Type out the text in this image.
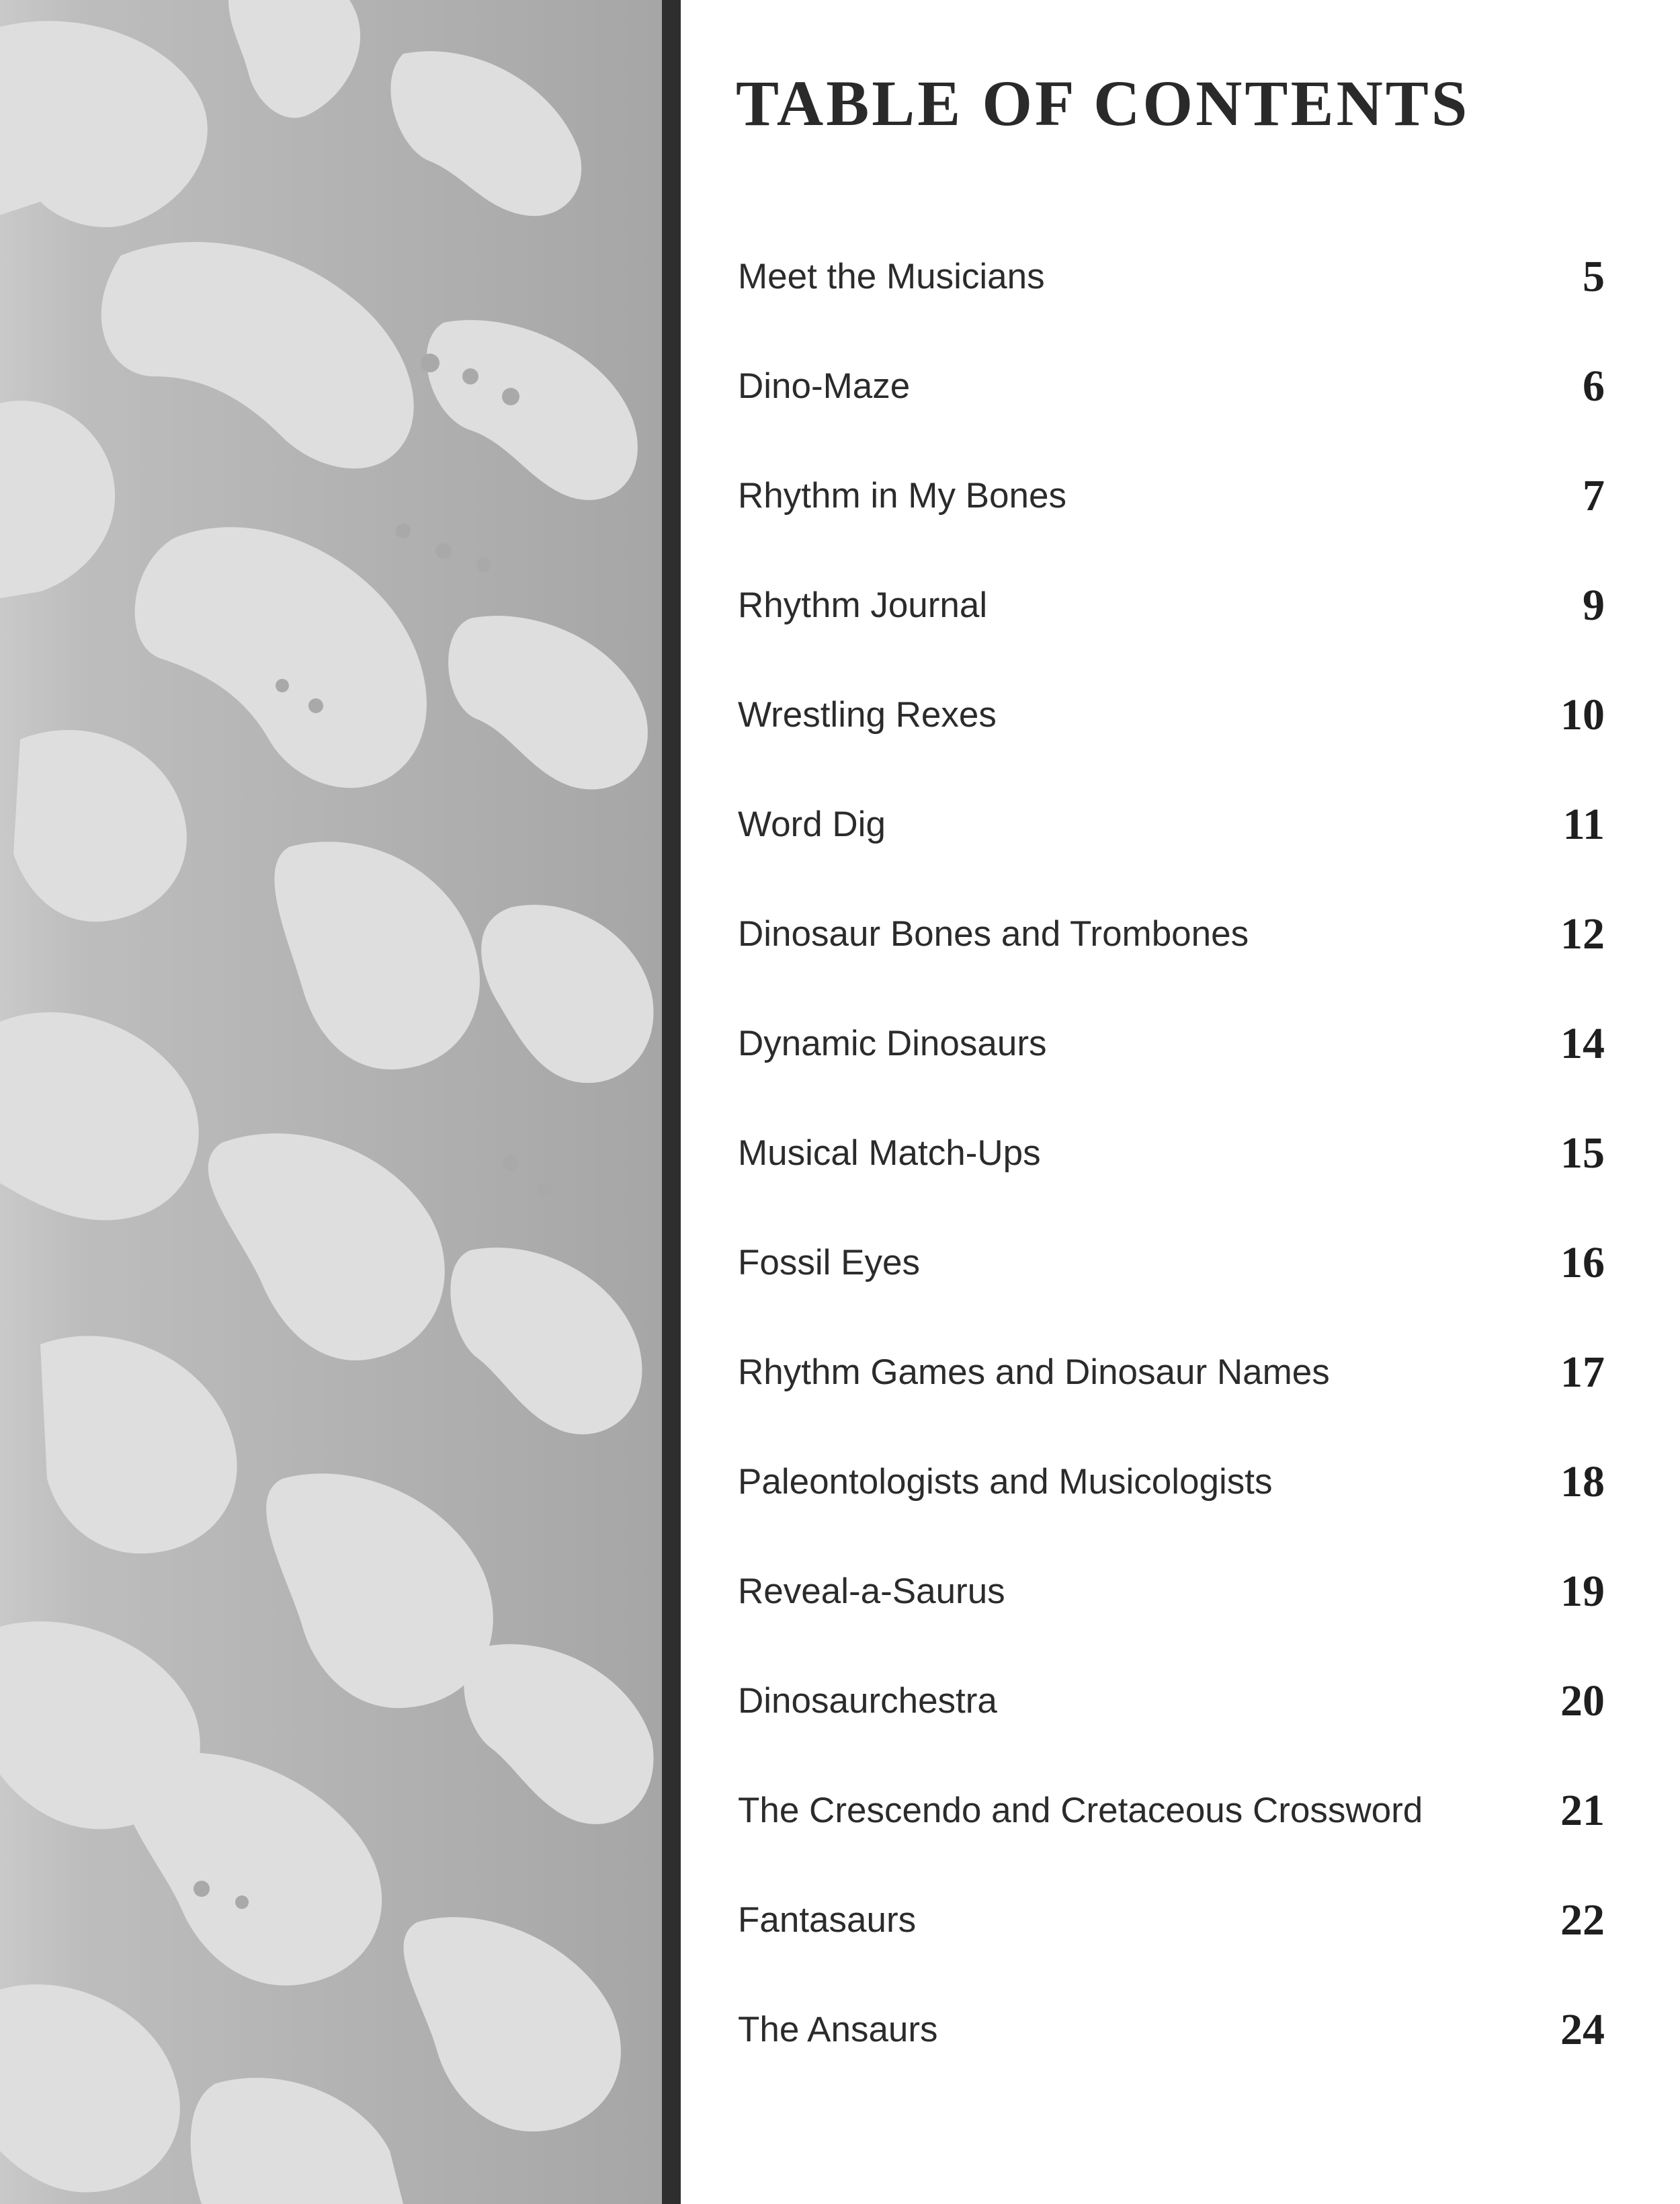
TABLE OF CONTENTS
Meet the Musicians	5
Dino-Maze	6
Rhythm in My Bones	7
Rhythm Journal	9
Wrestling Rexes	10
Word Dig	11
Dinosaur Bones and Trombones	12
Dynamic Dinosaurs	14
Musical Match-Ups	15
Fossil Eyes	16
Rhythm Games and Dinosaur Names	17
Paleontologists and Musicologists	18
Reveal-a-Saurus	19
Dinosaurchestra	20
The Crescendo and Cretaceous Crossword	21
Fantasaurs	22
The Ansaurs	24
